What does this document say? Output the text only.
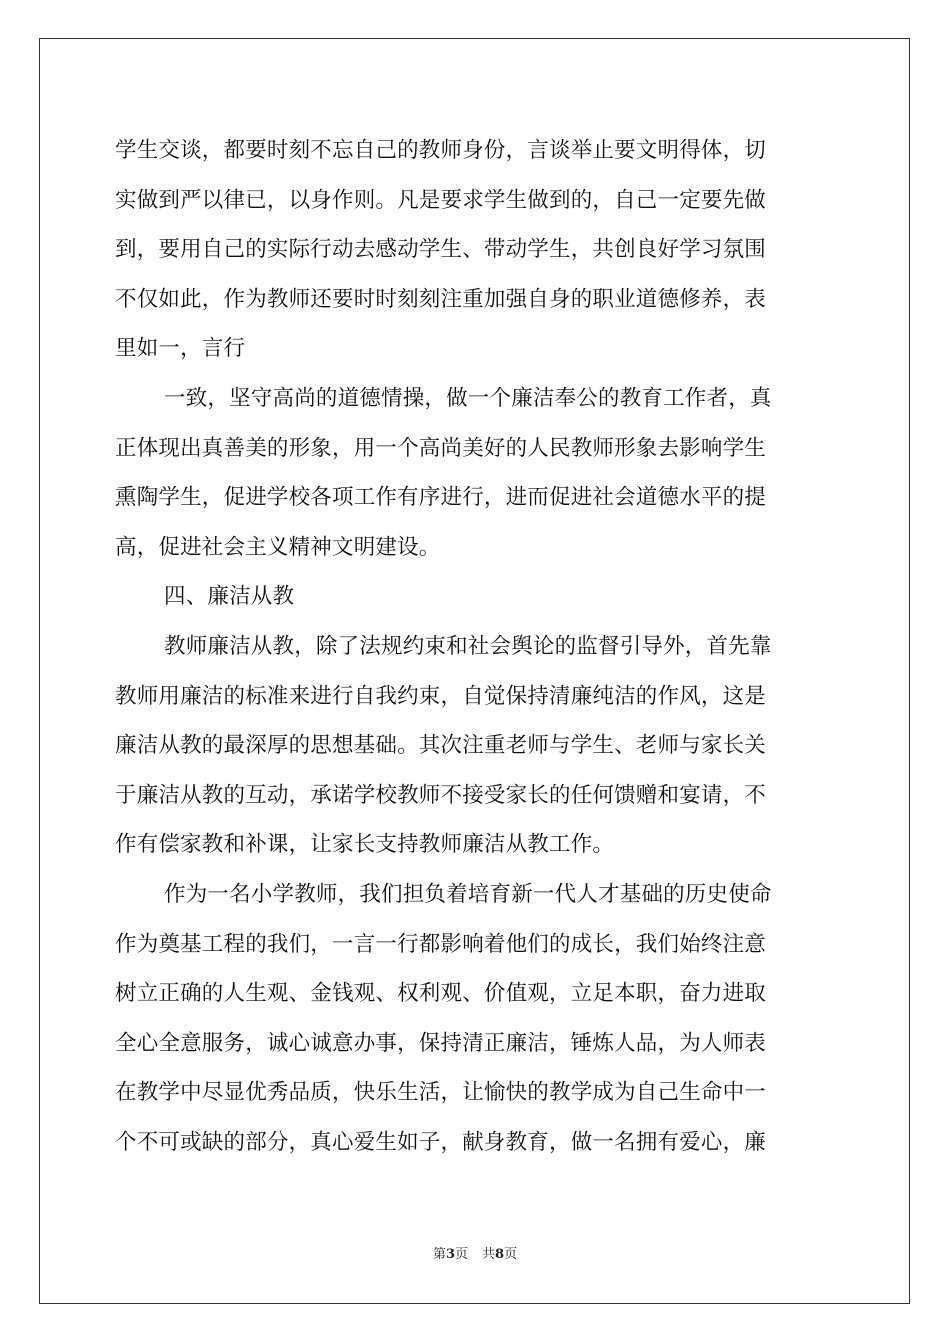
学生交谈，都要时刻不忘自己的教师身份，言谈举止要文明得体，切
实做到严以律已，以身作则。凡是要求学生做到的，自己一定要先做
到，要用自己的实际行动去感动学生、带动学生，共创良好学习氛围
不仅如此，作为教师还要时时刻刻注重加强自身的职业道德修养，表
里如一，言行
一致，坚守高尚的道德情操，做一个廉洁奉公的教育工作者，真
正体现出真善美的形象，用一个高尚美好的人民教师形象去影响学生
熏陶学生，促进学校各项工作有序进行，进而促进社会道德水平的提
高，促进社会主义精神文明建设。
四、廉洁从教
教师廉洁从教，除了法规约束和社会舆论的监督引导外，首先靠
教师用廉洁的标准来进行自我约束，自觉保持清廉纯洁的作风，这是
廉洁从教的最深厚的思想基础。其次注重老师与学生、老师与家长关
于廉洁从教的互动，承诺学校教师不接受家长的任何馈赠和宴请，不
作有偿家教和补课，让家长支持教师廉洁从教工作。
作为一名小学教师，我们担负着培育新一代人才基础的历史使命
作为奠基工程的我们，一言一行都影响着他们的成长，我们始终注意
树立正确的人生观、金钱观、权利观、价值观，立足本职，奋力进取
全心全意服务，诚心诚意办事，保持清正廉洁，锤炼人品，为人师表
在教学中尽显优秀品质，快乐生活，让愉快的教学成为自己生命中一
个不可或缺的部分，真心爱生如子，献身教育，做一名拥有爱心，廉
第3页 共8页
